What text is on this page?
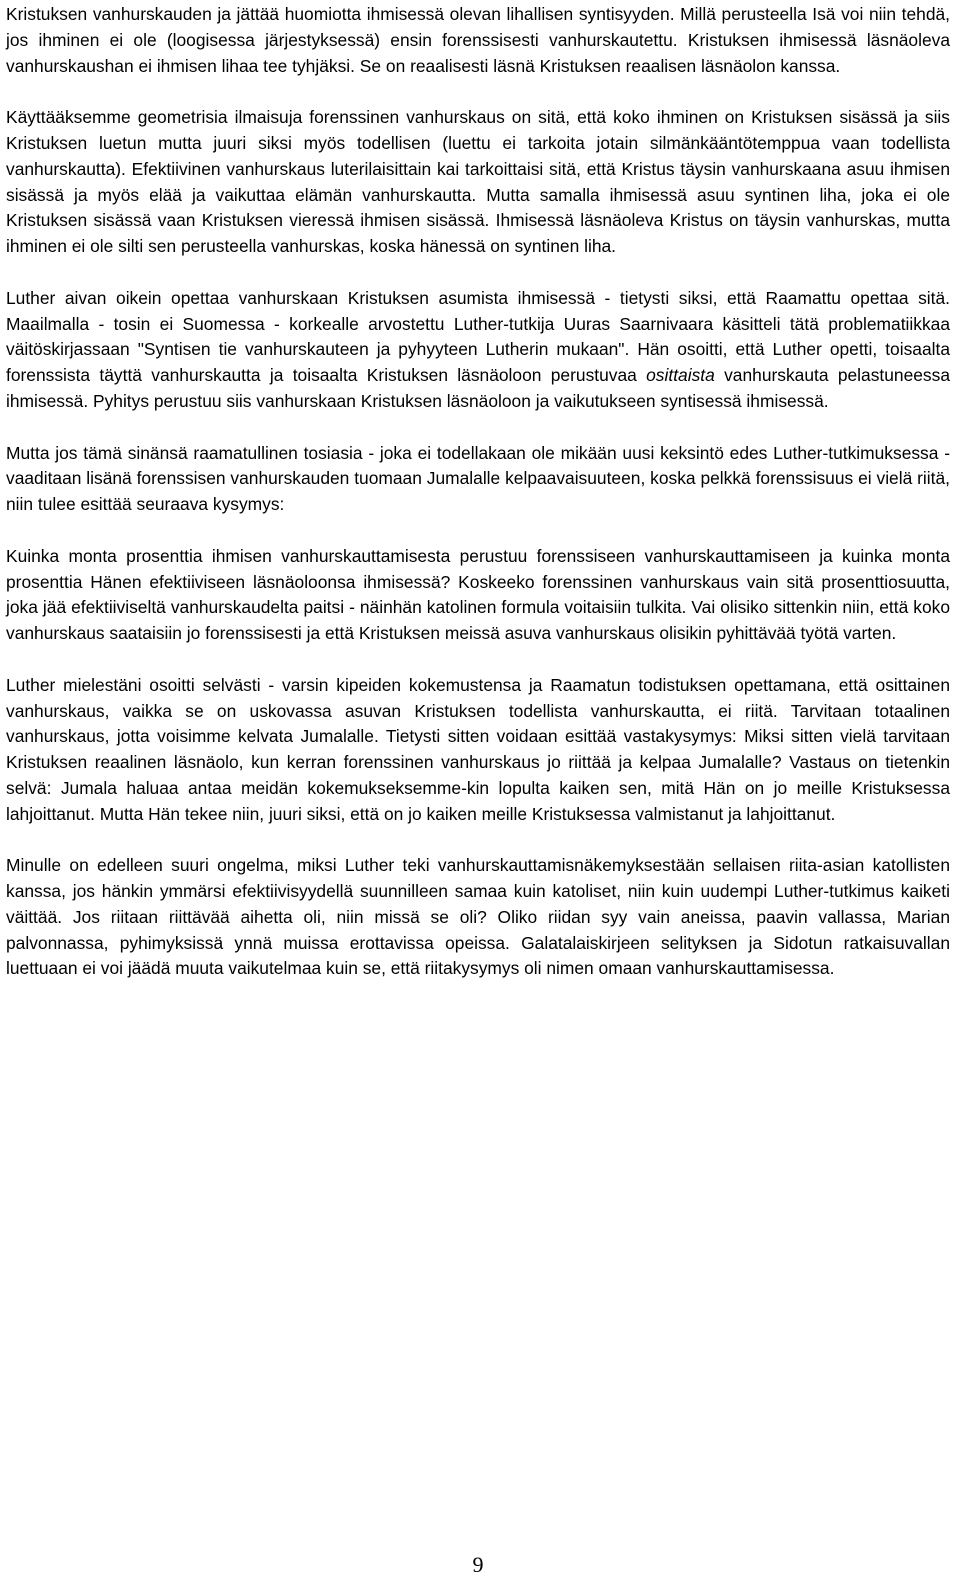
Kristuksen vanhurskauden ja jättää huomiotta ihmisessä olevan lihallisen syntisyyden. Millä perusteella Isä voi niin tehdä, jos ihminen ei ole (loogisessa järjestyksessä) ensin forenssisesti vanhurskautettu. Kristuksen ihmisessä läsnäoleva vanhurskaushan ei ihmisen lihaa tee tyhjäksi. Se on reaalisesti läsnä Kristuksen reaalisen läsnäolon kanssa.

Käyttääksemme geometrisia ilmaisuja forenssinen vanhurskaus on sitä, että koko ihminen on Kristuksen sisässä ja siis Kristuksen luetun mutta juuri siksi myös todellisen (luettu ei tarkoita jotain silmänkääntötemppua vaan todellista vanhurskautta). Efektiivinen vanhurskaus luterilaisittain kai tarkoittaisi sitä, että Kristus täysin vanhurskaana asuu ihmisen sisässä ja myös elää ja vaikuttaa elämän vanhurskautta. Mutta samalla ihmisessä asuu syntinen liha, joka ei ole Kristuksen sisässä vaan Kristuksen vieressä ihmisen sisässä. Ihmisessä läsnäoleva Kristus on täysin vanhurskas, mutta ihminen ei ole silti sen perusteella vanhurskas, koska hänessä on syntinen liha.

Luther aivan oikein opettaa vanhurskaan Kristuksen asumista ihmisessä - tietysti siksi, että Raamattu opettaa sitä. Maailmalla - tosin ei Suomessa - korkealle arvostettu Luther-tutkija Uuras Saarnivaara käsitteli tätä problematiikkaa väitöskirjassaan "Syntisen tie vanhurskauteen ja pyhyyteen Lutherin mukaan". Hän osoitti, että Luther opetti, toisaalta forenssista täyttä vanhurskautta ja toisaalta Kristuksen läsnäoloon perustuvaa osittaista vanhurskauta pelastuneessa ihmisessä. Pyhitys perustuu siis vanhurskaan Kristuksen läsnäoloon ja vaikutukseen syntisessä ihmisessä.

Mutta jos tämä sinänsä raamatullinen tosiasia - joka ei todellakaan ole mikään uusi keksintö edes Luther-tutkimuksessa - vaaditaan lisänä forenssisen vanhurskauden tuomaan Jumalalle kelpaavaisuuteen, koska pelkkä forenssisuus ei vielä riitä, niin tulee esittää seuraava kysymys:

Kuinka monta prosenttia ihmisen vanhurskauttamisesta perustuu forenssiseen vanhurskauttamiseen ja kuinka monta prosenttia Hänen efektiiviseen läsnäoloonsa ihmisessä? Koskeeko forenssinen vanhurskaus vain sitä prosenttiosuutta, joka jää efektiiviseltä vanhurskaudelta paitsi - näinhän katolinen formula voitaisiin tulkita. Vai olisiko sittenkin niin, että koko vanhurskaus saataisiin jo forenssisesti ja että Kristuksen meissä asuva vanhurskaus olisikin pyhittävää työtä varten.

Luther mielestäni osoitti selvästi - varsin kipeiden kokemustensa ja Raamatun todistuksen opettamana, että osittainen vanhurskaus, vaikka se on uskovassa asuvan Kristuksen todellista vanhurskautta, ei riitä. Tarvitaan totaalinen vanhurskaus, jotta voisimme kelvata Jumalalle. Tietysti sitten voidaan esittää vastakysymys: Miksi sitten vielä tarvitaan Kristuksen reaalinen läsnäolo, kun kerran forenssinen vanhurskaus jo riittää ja kelpaa Jumalalle? Vastaus on tietenkin selvä: Jumala haluaa antaa meidän kokemukseksemme-kin lopulta kaiken sen, mitä Hän on jo meille Kristuksessa lahjoittanut. Mutta Hän tekee niin, juuri siksi, että on jo kaiken meille Kristuksessa valmistanut ja lahjoittanut.

Minulle on edelleen suuri ongelma, miksi Luther teki vanhurskauttamisnäkemyksestään sellaisen riita-asian katollisten kanssa, jos hänkin ymmärsi efektiivisyydellä suunnilleen samaa kuin katoliset, niin kuin uudempi Luther-tutkimus kaiketi väittää. Jos riitaan riittävää aihetta oli, niin missä se oli? Oliko riidan syy vain aneissa, paavin vallassa, Marian palvonnassa, pyhimyksissä ynnä muissa erottavissa opeissa. Galatalaiskirjeen selityksen ja Sidotun ratkaisuvallan luettuaan ei voi jäädä muuta vaikutelmaa kuin se, että riitakysymys oli nimen omaan vanhurskauttamisessa.

9
